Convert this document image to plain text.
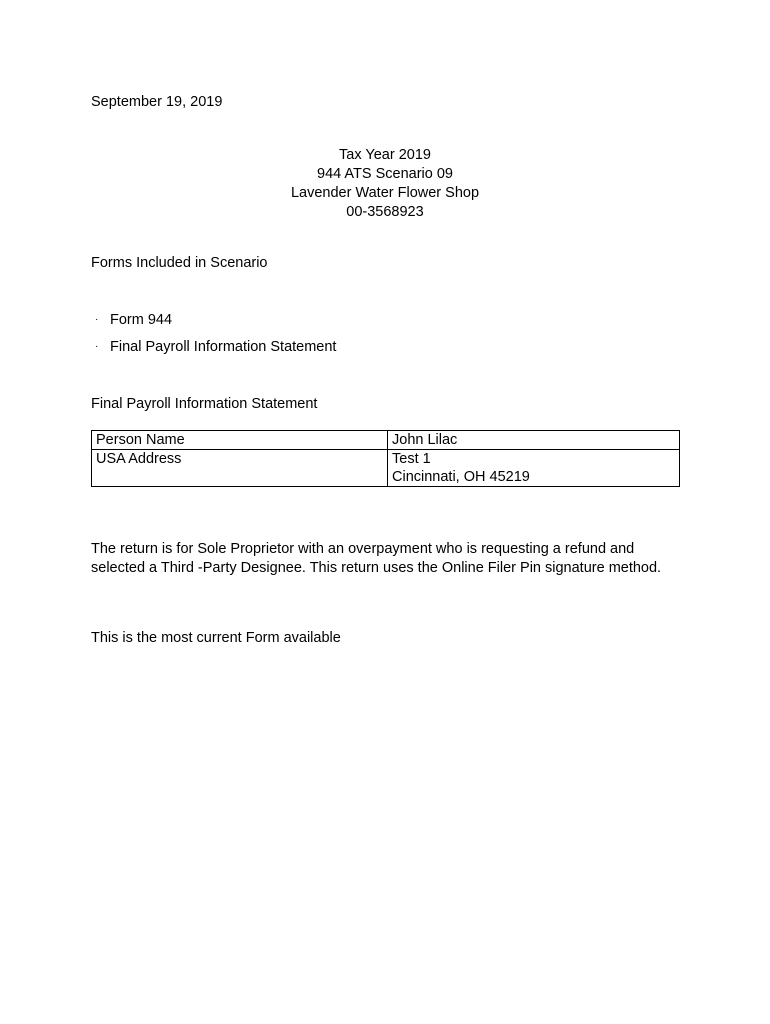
September 19, 2019
Tax Year 2019
944 ATS Scenario 09
Lavender Water Flower Shop
00-3568923
Forms Included in Scenario
· Form 944
· Final Payroll Information Statement
Final Payroll Information Statement
Person Name	John Lilac

USA Address	Test 1
Cincinnati, OH 45219
The return is for Sole Proprietor with an overpayment who is requesting a refund and selected a Third -Party Designee. This return uses the Online Filer Pin signature method.
This is the most current Form available
